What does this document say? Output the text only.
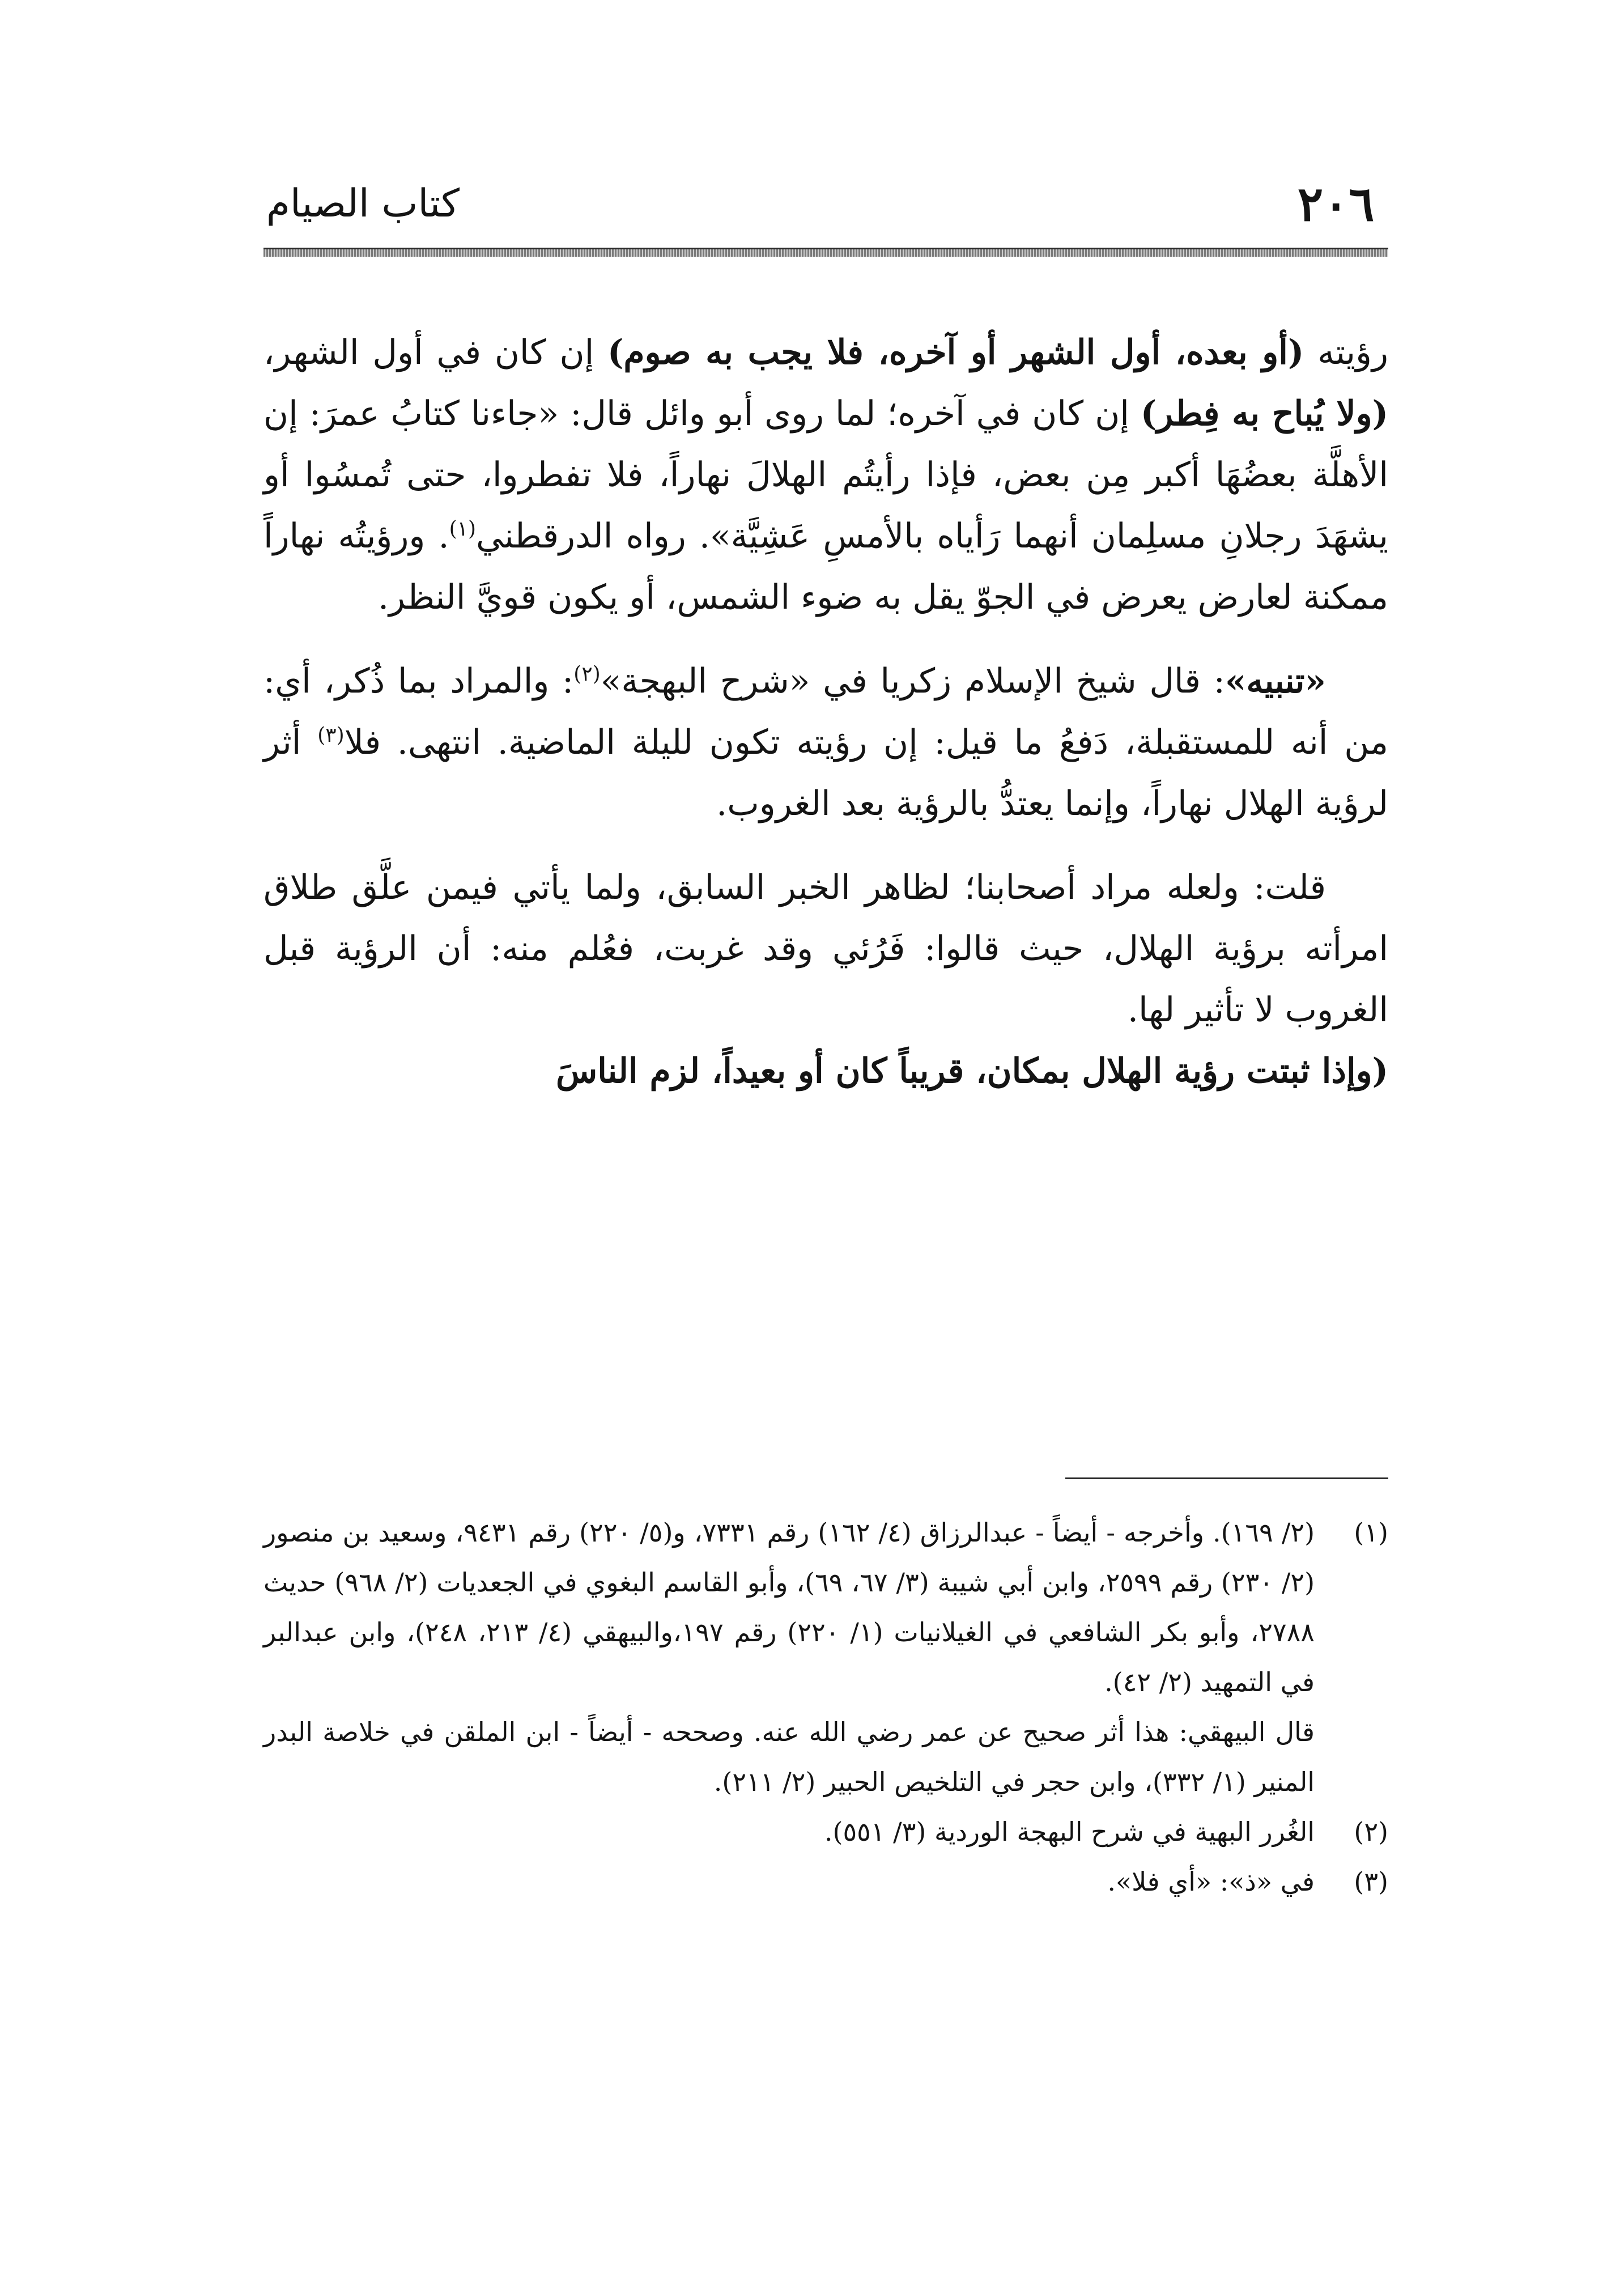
كتاب الصيام	٢٠٦

رؤيته (أو بعده، أول الشهر أو آخره، فلا يجب به صوم) إن كان في أول الشهر، (ولا يُباح به فِطر) إن كان في آخره؛ لما روى أبو وائل قال: «جاءنا كتابُ عمرَ: إن الأهلَّة بعضُهَا أكبر مِن بعض، فإذا رأيتُم الهلالَ نهاراً، فلا تفطروا، حتى تُمسُوا أو يشهَدَ رجلانِ مسلِمان أنهما رَأياه بالأمسِ عَشِيَّة». رواه الدرقطني$^{(١)}$. ورؤيتُه نهاراً ممكنة لعارض يعرض في الجوّ يقل به ضوء الشمس، أو يكون قويَّ النظر.

«تنبيه»: قال شيخ الإسلام زكريا في «شرح البهجة»$^{(٢)}$: والمراد بما ذُكر، أي: من أنه للمستقبلة، دَفعُ ما قيل: إن رؤيته تكون لليلة الماضية. انتهى. فلا$^{(٣)}$ أثر لرؤية الهلال نهاراً، وإنما يعتدُّ بالرؤية بعد الغروب.

قلت: ولعله مراد أصحابنا؛ لظاهر الخبر السابق، ولما يأتي فيمن علَّق طلاق امرأته برؤية الهلال، حيث قالوا: فَرُئي وقد غربت، فعُلم منه: أن الرؤية قبل الغروب لا تأثير لها.

(وإذا ثبتت رؤية الهلال بمكان، قريباً كان أو بعيداً، لزم الناسَ

(١)

(٢/ ١٦٩). وأخرجه - أيضاً - عبدالرزاق (٤/ ١٦٢) رقم ٧٣٣١، و(٥/ ٢٢٠) رقم ٩٤٣١، وسعيد بن منصور (٢/ ٢٣٠) رقم ٢٥٩٩، وابن أبي شيبة (٣/ ٦٧، ٦٩)، وأبو القاسم البغوي في الجعديات (٢/ ٩٦٨) حديث ٢٧٨٨، وأبو بكر الشافعي في الغيلانيات (١/ ٢٢٠) رقم ١٩٧،والبيهقي (٤/ ٢١٣، ٢٤٨)، وابن عبدالبر في التمهيد (٢/ ٤٢).

قال البيهقي: هذا أثر صحيح عن عمر رضي الله عنه. وصححه - أيضاً - ابن الملقن في خلاصة البدر المنير (١/ ٣٣٢)، وابن حجر في التلخيص الحبير (٢/ ٢١١).

(٢)

الغُرر البهية في شرح البهجة الوردية (٣/ ٥٥١).

(٣)

في «ذ»: «أي فلا».
